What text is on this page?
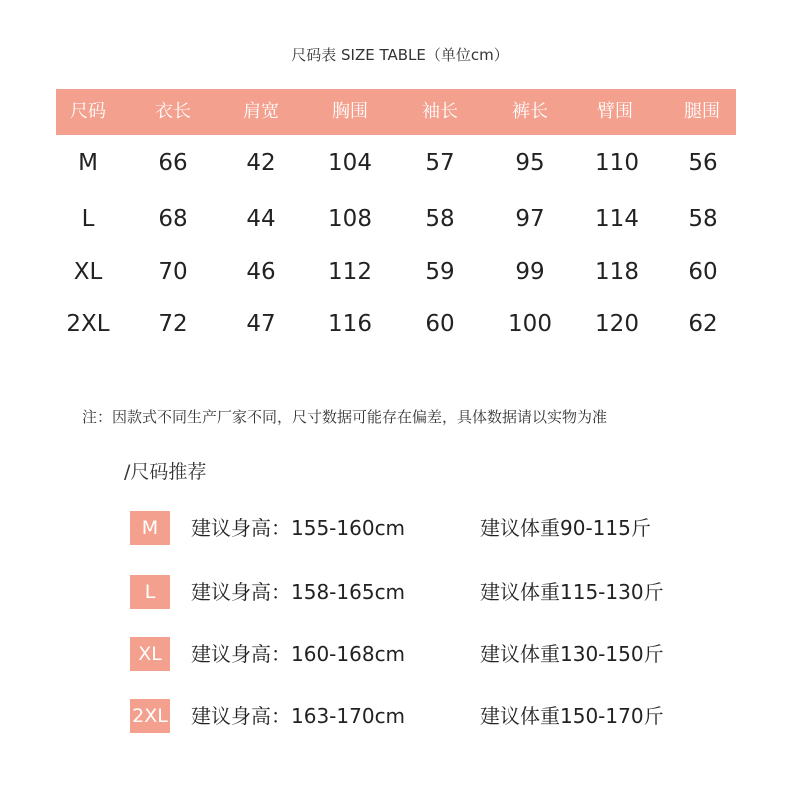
尺码表 SIZE TABLE（单位cm）
尺码	衣长	肩宽	胸围	袖长	裤长	臂围	腿围
M	66	42 104 57	95 110 56
L	68	44 108 58	97 114 58
XL 70	46 112 59	99 118 60
2XL 72	47 116 60 100 120 62
注：因款式不同生产厂家不同，尺寸数据可能存在偏差，具体数据请以实物为准
/尺码推荐
M	建议身高：155-160cm	建议体重90-115斤
L	建议身高：158-165cm	建议体重115-130斤
XL	建议身高：160-168cm	建议体重130-150斤
2XL 建议身高：163-170cm	建议体重150-170斤
